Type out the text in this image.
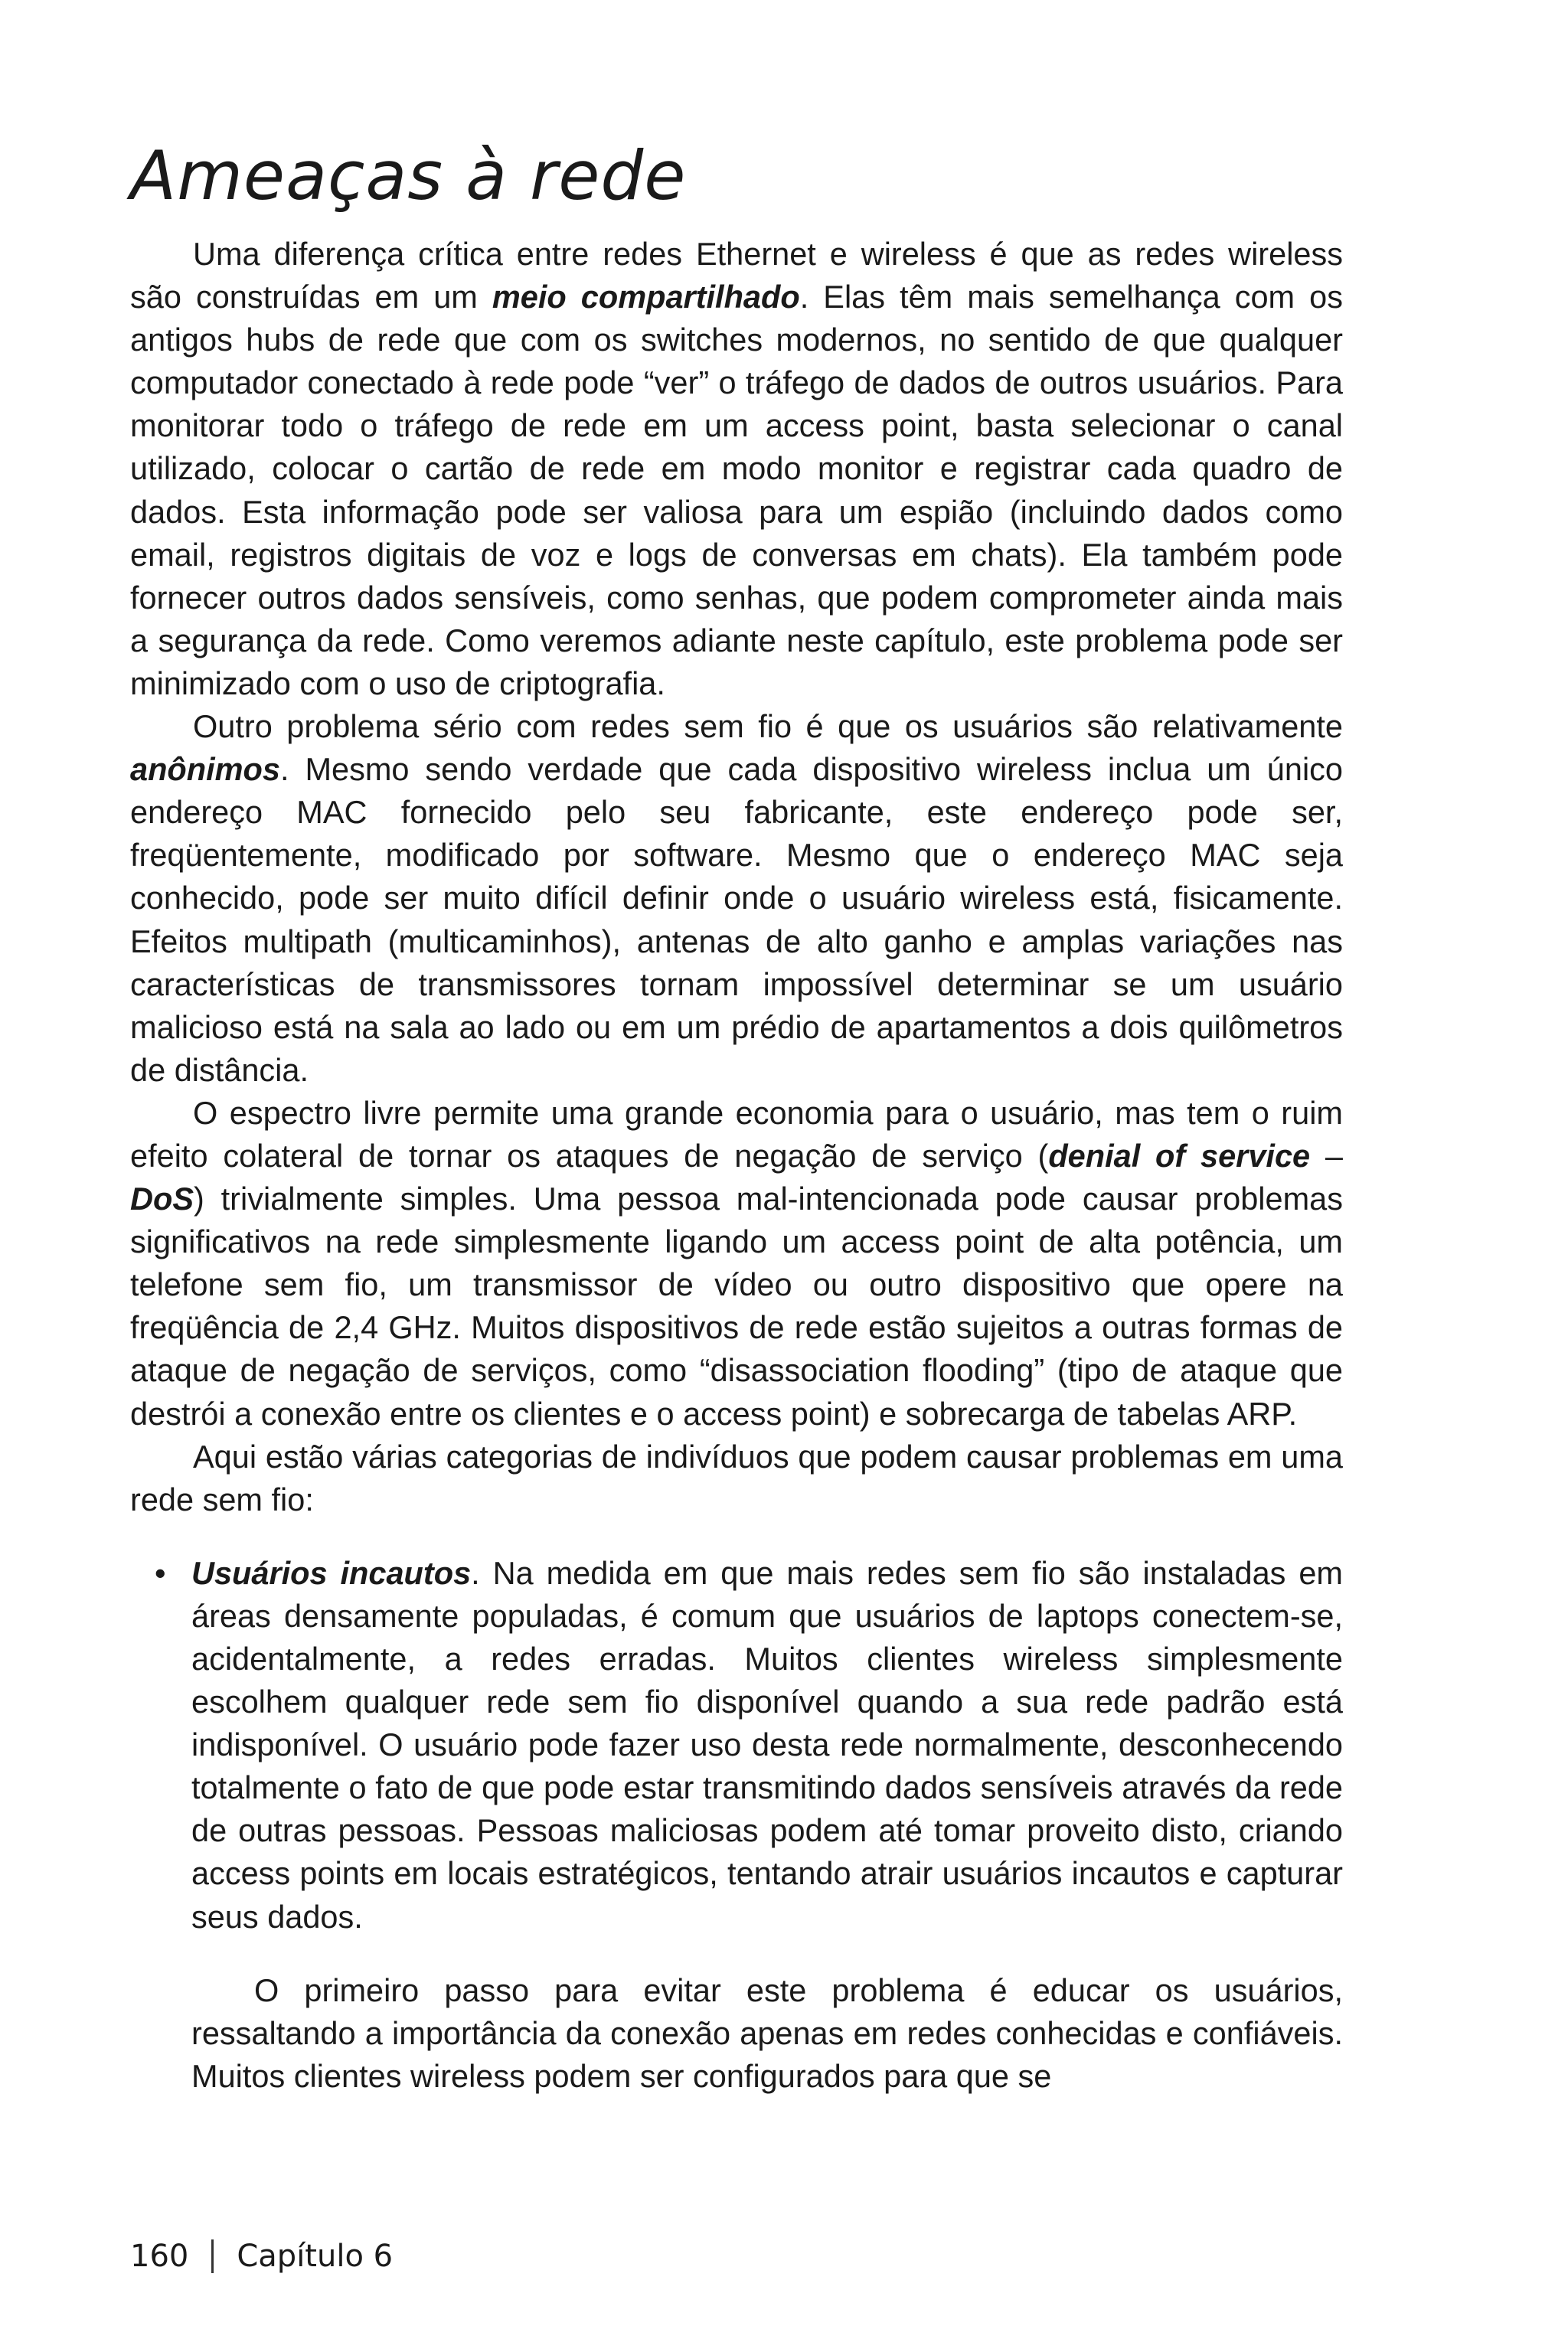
Ameaças à rede

Uma diferença crítica entre redes Ethernet e wireless é que as redes wireless são construídas em um meio compartilhado. Elas têm mais semelhança com os antigos hubs de rede que com os switches modernos, no sentido de que qualquer computador conectado à rede pode “ver” o tráfego de dados de outros usuários. Para monitorar todo o tráfego de rede em um access point, basta selecionar o canal utilizado, colocar o cartão de rede em modo monitor e registrar cada quadro de dados. Esta informação pode ser valiosa para um espião (incluindo dados como email, registros digitais de voz e logs de conversas em chats). Ela também pode fornecer outros dados sensíveis, como senhas, que podem comprometer ainda mais a segurança da rede. Como veremos adiante neste capítulo, este problema pode ser minimizado com o uso de criptografia.

Outro problema sério com redes sem fio é que os usuários são relativamente anônimos. Mesmo sendo verdade que cada dispositivo wireless inclua um único endereço MAC fornecido pelo seu fabricante, este endereço pode ser, freqüentemente, modificado por software. Mesmo que o endereço MAC seja conhecido, pode ser muito difícil definir onde o usuário wireless está, fisicamente. Efeitos multipath (multicaminhos), antenas de alto ganho e amplas variações nas características de transmissores tornam impossível determinar se um usuário malicioso está na sala ao lado ou em um prédio de apartamentos a dois quilômetros de distância.

O espectro livre permite uma grande economia para o usuário, mas tem o ruim efeito colateral de tornar os ataques de negação de serviço (denial of service – DoS) trivialmente simples. Uma pessoa mal-intencionada pode causar problemas significativos na rede simplesmente ligando um access point de alta potência, um telefone sem fio, um transmissor de vídeo ou outro dispositivo que opere na freqüência de 2,4 GHz. Muitos dispositivos de rede estão sujeitos a outras formas de ataque de negação de serviços, como “disassociation flooding” (tipo de ataque que destrói a conexão entre os clientes e o access point) e sobrecarga de tabelas ARP.

Aqui estão várias categorias de indivíduos que podem causar problemas em uma rede sem fio:

• Usuários incautos. Na medida em que mais redes sem fio são instaladas em áreas densamente populadas, é comum que usuários de laptops conectem-se, acidentalmente, a redes erradas. Muitos clientes wireless simplesmente escolhem qualquer rede sem fio disponível quando a sua rede padrão está indisponível. O usuário pode fazer uso desta rede normalmente, desconhecendo totalmente o fato de que pode estar transmitindo dados sensíveis através da rede de outras pessoas. Pessoas maliciosas podem até tomar proveito disto, criando access points em locais estratégicos, tentando atrair usuários incautos e capturar seus dados.

O primeiro passo para evitar este problema é educar os usuários, ressaltando a importância da conexão apenas em redes conhecidas e confiáveis. Muitos clientes wireless podem ser configurados para que se

160 Capítulo 6
